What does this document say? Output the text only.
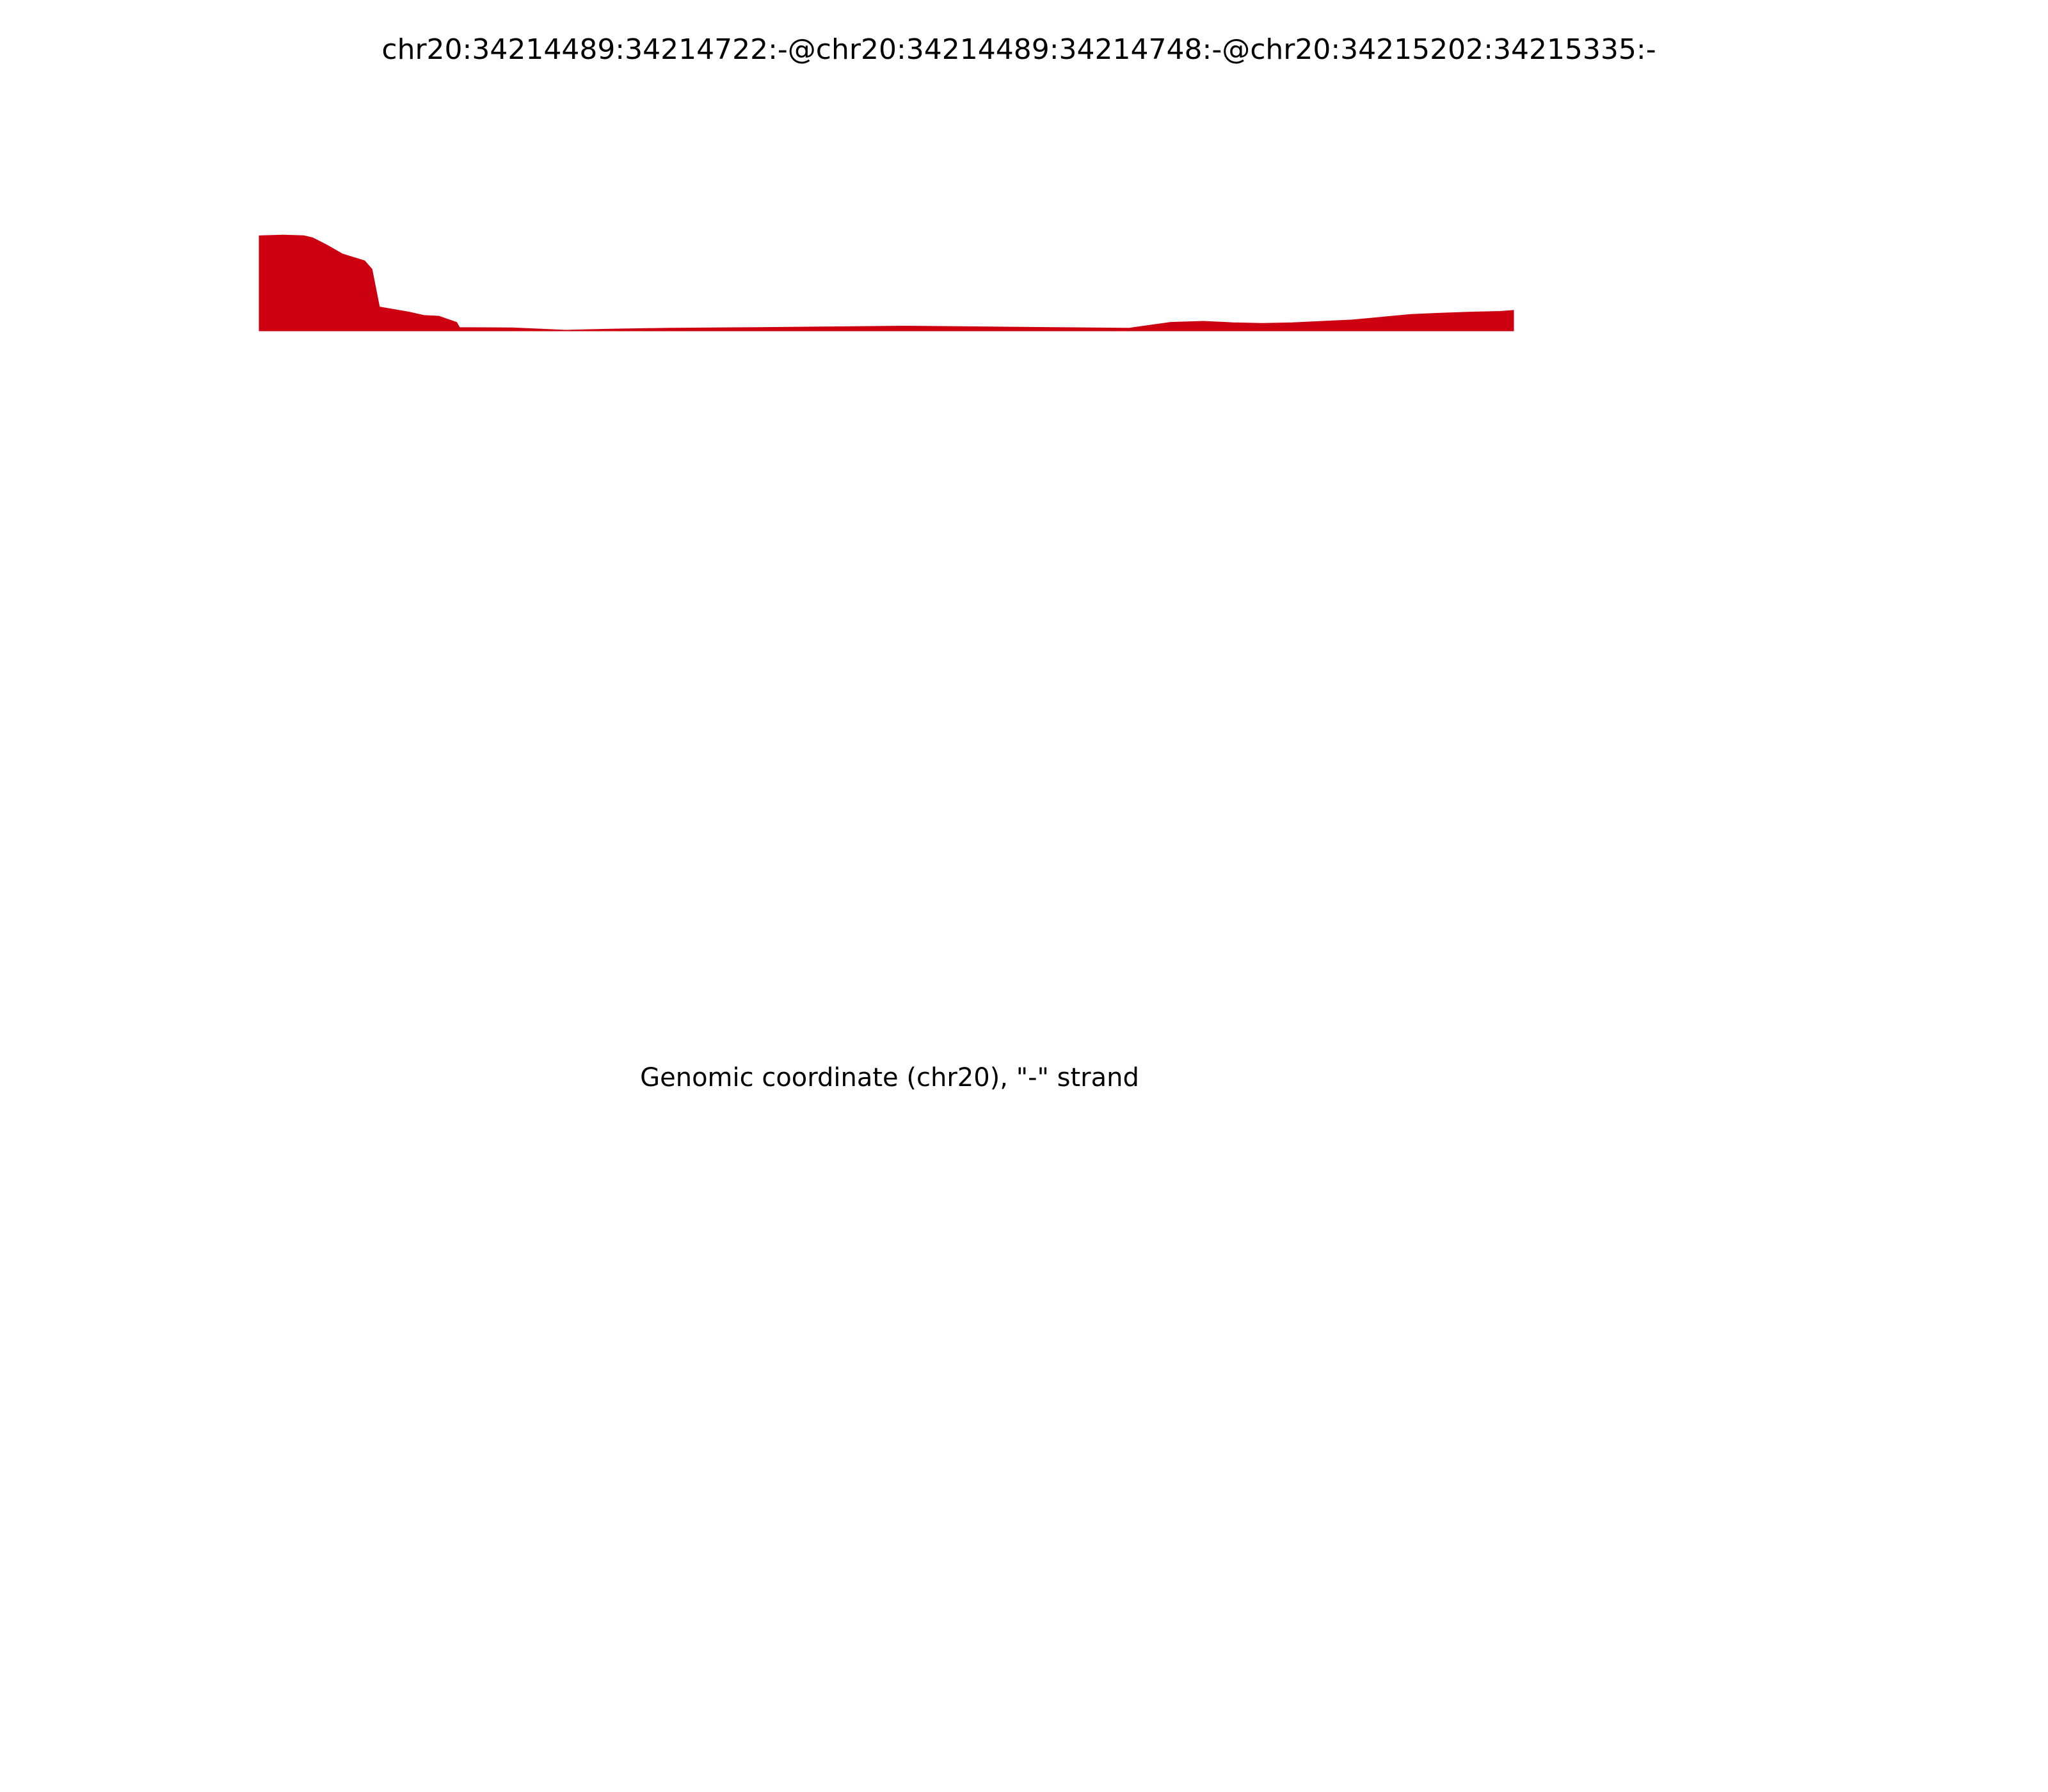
chr20:34214489:34214722:-@chr20:34214489:34214748:-@chr20:34215202:34215335:-
Genomic coordinate (chr20), "-" strand
